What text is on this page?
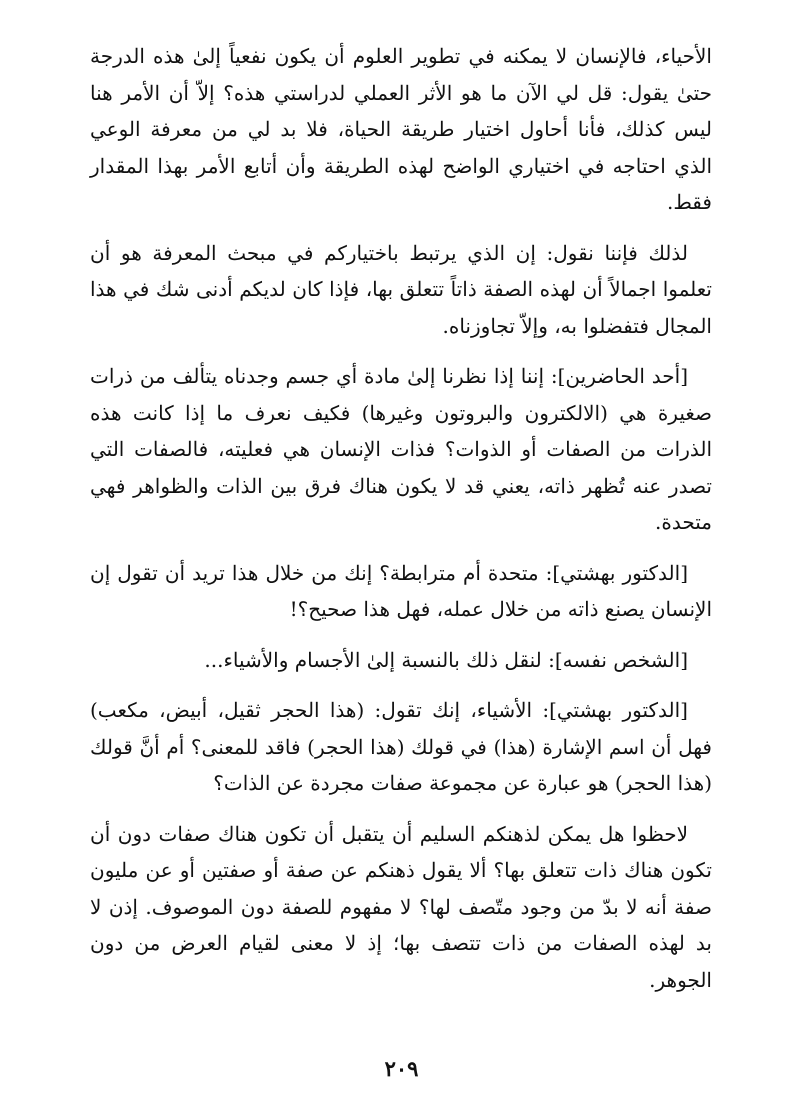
الأحياء، فالإنسان لا يمكنه في تطوير العلوم أن يكون نفعياً إلىٰ هذه الدرجة حتىٰ يقول: قل لي الآن ما هو الأثر العملي لدراستي هذه؟ إلاّ أن الأمر هنا ليس كذلك، فأنا أحاول اختيار طريقة الحياة، فلا بد لي من معرفة الوعي الذي احتاجه في اختياري الواضح لهذه الطريقة وأن أتابع الأمر بهذا المقدار فقط.

لذلك فإننا نقول: إن الذي يرتبط باختياركم في مبحث المعرفة هو أن تعلموا اجمالاً أن لهذه الصفة ذاتاً تتعلق بها، فإذا كان لديكم أدنى شك في هذا المجال فتفضلوا به، وإلاّ تجاوزناه.

[أحد الحاضرين]: إننا إذا نظرنا إلىٰ مادة أي جسم وجدناه يتألف من ذرات صغيرة هي (الالكترون والبروتون وغيرها) فكيف نعرف ما إذا كانت هذه الذرات من الصفات أو الذوات؟ فذات الإنسان هي فعليته، فالصفات التي تصدر عنه تُظهر ذاته، يعني قد لا يكون هناك فرق بين الذات والظواهر فهي متحدة.

[الدكتور بهشتي]: متحدة أم مترابطة؟ إنك من خلال هذا تريد أن تقول إن الإنسان يصنع ذاته من خلال عمله، فهل هذا صحيح؟!

[الشخص نفسه]: لنقل ذلك بالنسبة إلىٰ الأجسام والأشياء...

[الدكتور بهشتي]: الأشياء، إنك تقول: (هذا الحجر ثقيل، أبيض، مكعب) فهل أن اسم الإشارة (هذا) في قولك (هذا الحجر) فاقد للمعنى؟ أم أنَّ قولك (هذا الحجر) هو عبارة عن مجموعة صفات مجردة عن الذات؟

لاحظوا هل يمكن لذهنكم السليم أن يتقبل أن تكون هناك صفات دون أن تكون هناك ذات تتعلق بها؟ ألا يقول ذهنكم عن صفة أو صفتين أو عن مليون صفة أنه لا بدّ من وجود متّصف لها؟ لا مفهوم للصفة دون الموصوف. إذن لا بد لهذه الصفات من ذات تتصف بها؛ إذ لا معنى لقيام العرض من دون الجوهر.

٢٠٩
